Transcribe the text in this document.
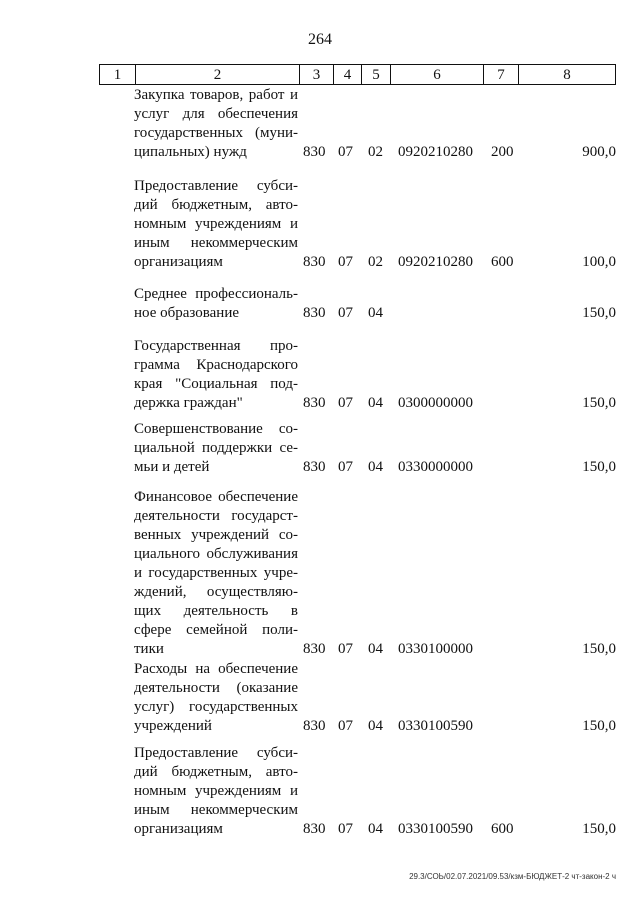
264
1	2	3	4	5	6	7	8
Закупка товаров, работ и
услуг для обеспечения
государственных (муни-
ципальных) нужд	830 07 02 0920210280 200	900,0
Предоставление субси-
дий бюджетным, авто-
номным учреждениям и
иным некоммерческим
организациям	830 07 02 0920210280 600	100,0
Среднее профессиональ-
ное образование	830 07 04	150,0
Государственная про-
грамма Краснодарского
края "Социальная под-
держка граждан"	830 07 04 0300000000	150,0
Совершенствование со-
циальной поддержки се-
мьи и детей	830 07 04 0330000000	150,0
Финансовое обеспечение
деятельности государст-
венных учреждений со-
циального обслуживания
и государственных учре-
ждений, осуществляю-
щих деятельность в
сфере семейной поли-
тики	830 07 04 0330100000	150,0
Расходы на обеспечение
деятельности (оказание
услуг) государственных
учреждений	830 07 04 0330100590	150,0
Предоставление субси-
дий бюджетным, авто-
номным учреждениям и
иным некоммерческим
организациям	830 07 04 0330100590 600	150,0
29.3/СОЬ/02.07.2021/09.53/кзм-БЮДЖЕТ-2 чт-закон-2 ч
